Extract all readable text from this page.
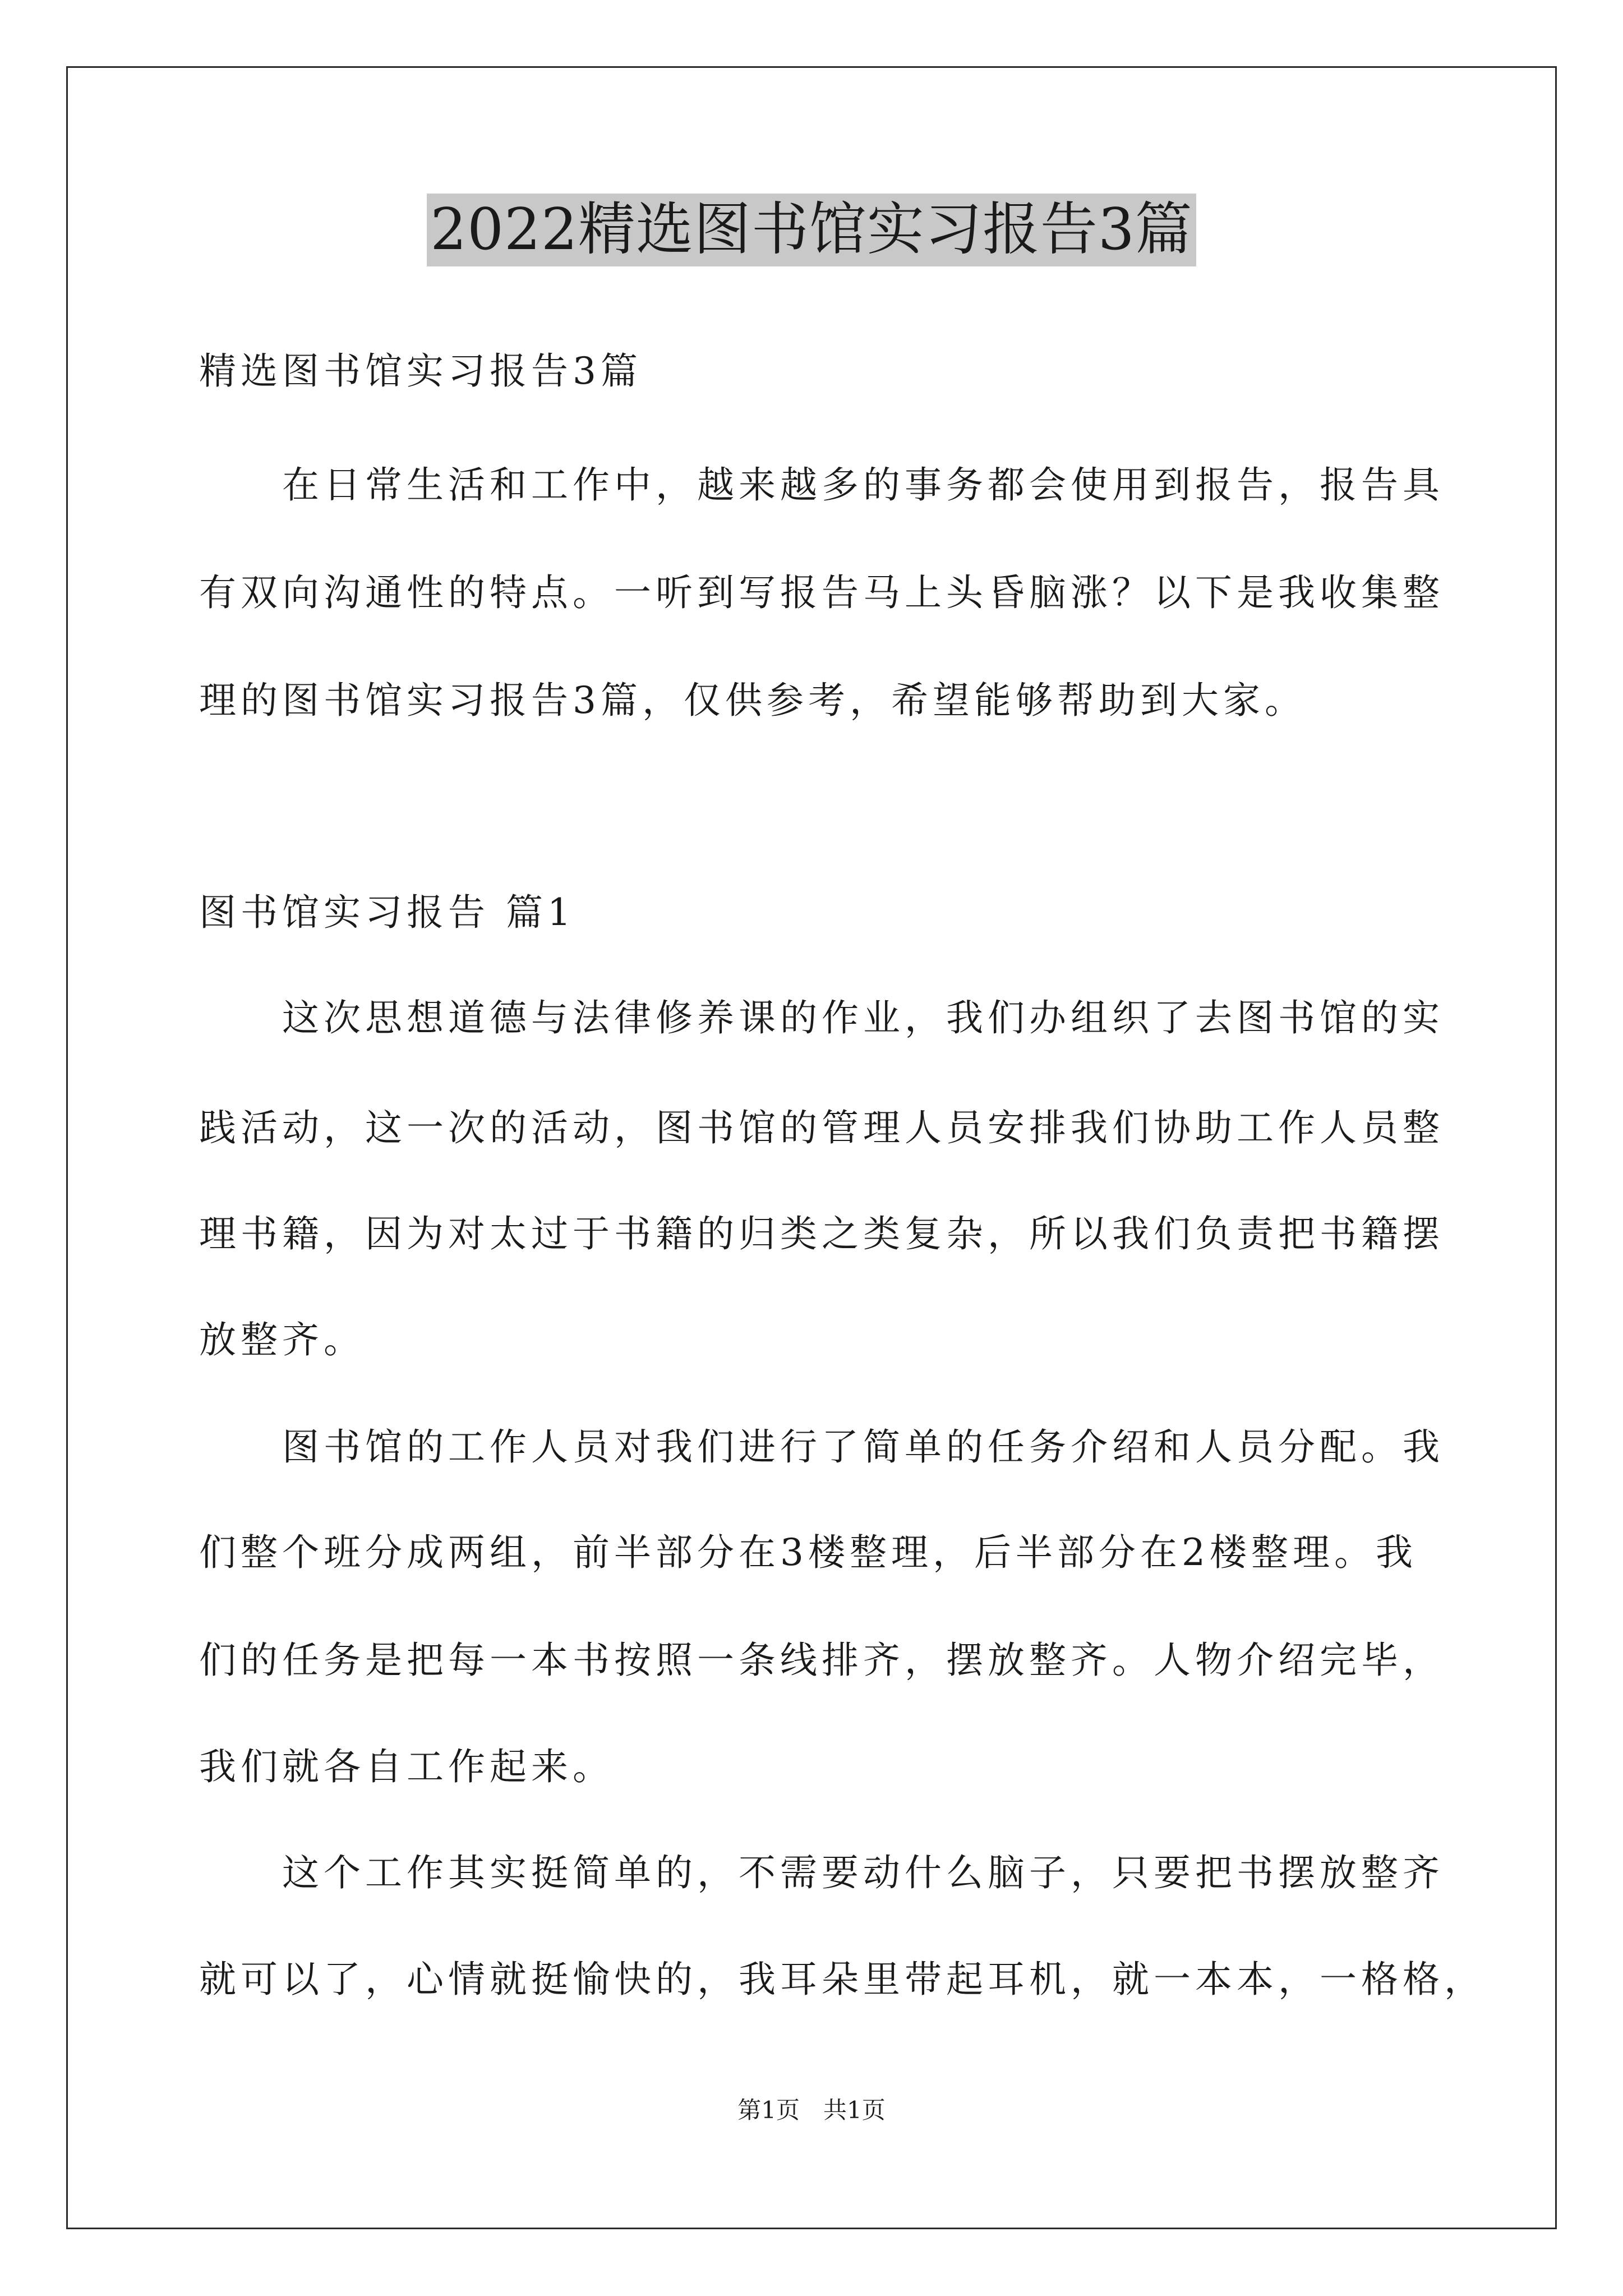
2022精选图书馆实习报告3篇

精选图书馆实习报告3篇

在日常生活和工作中，越来越多的事务都会使用到报告，报告具

有双向沟通性的特点。一听到写报告马上头昏脑涨？以下是我收集整

理的图书馆实习报告3篇，仅供参考，希望能够帮助到大家。

图书馆实习报告 篇1

这次思想道德与法律修养课的作业，我们办组织了去图书馆的实

践活动，这一次的活动，图书馆的管理人员安排我们协助工作人员整

理书籍，因为对太过于书籍的归类之类复杂，所以我们负责把书籍摆

放整齐。

图书馆的工作人员对我们进行了简单的任务介绍和人员分配。我

们整个班分成两组，前半部分在3楼整理，后半部分在2楼整理。我

们的任务是把每一本书按照一条线排齐，摆放整齐。人物介绍完毕，

我们就各自工作起来。

这个工作其实挺简单的，不需要动什么脑子，只要把书摆放整齐

就可以了，心情就挺愉快的，我耳朵里带起耳机，就一本本，一格格，

第1页　共1页
